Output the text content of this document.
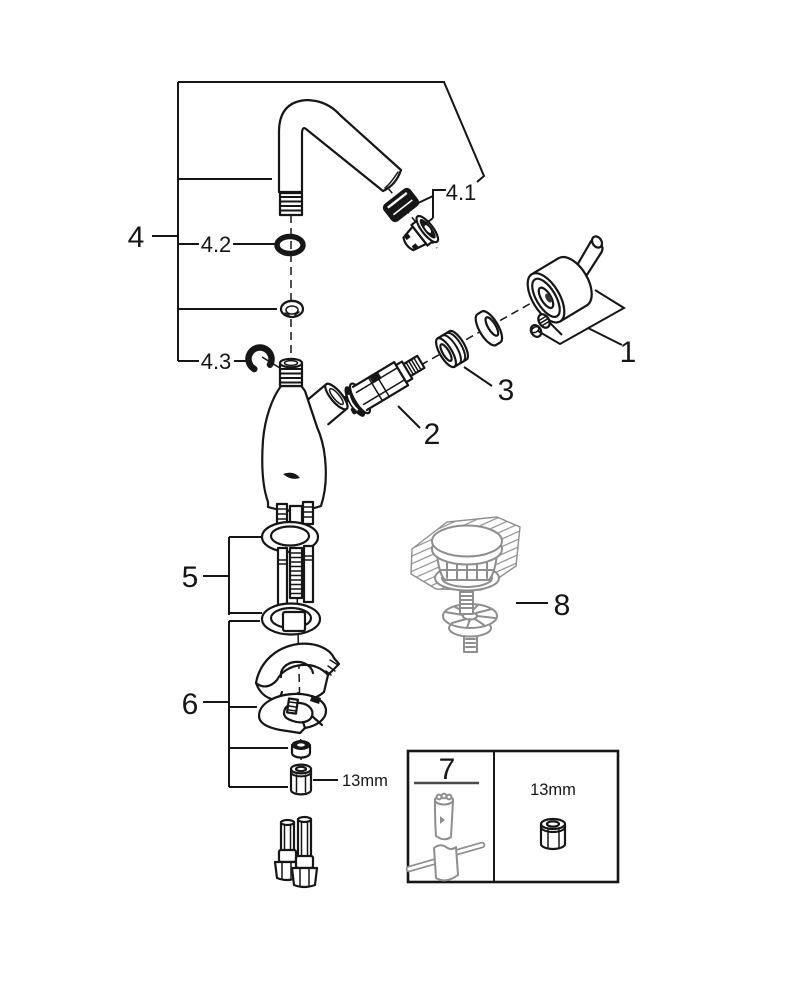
4	4.2
4.3
4.1
1
2
3
5
6
8
7
13mm	13mm
